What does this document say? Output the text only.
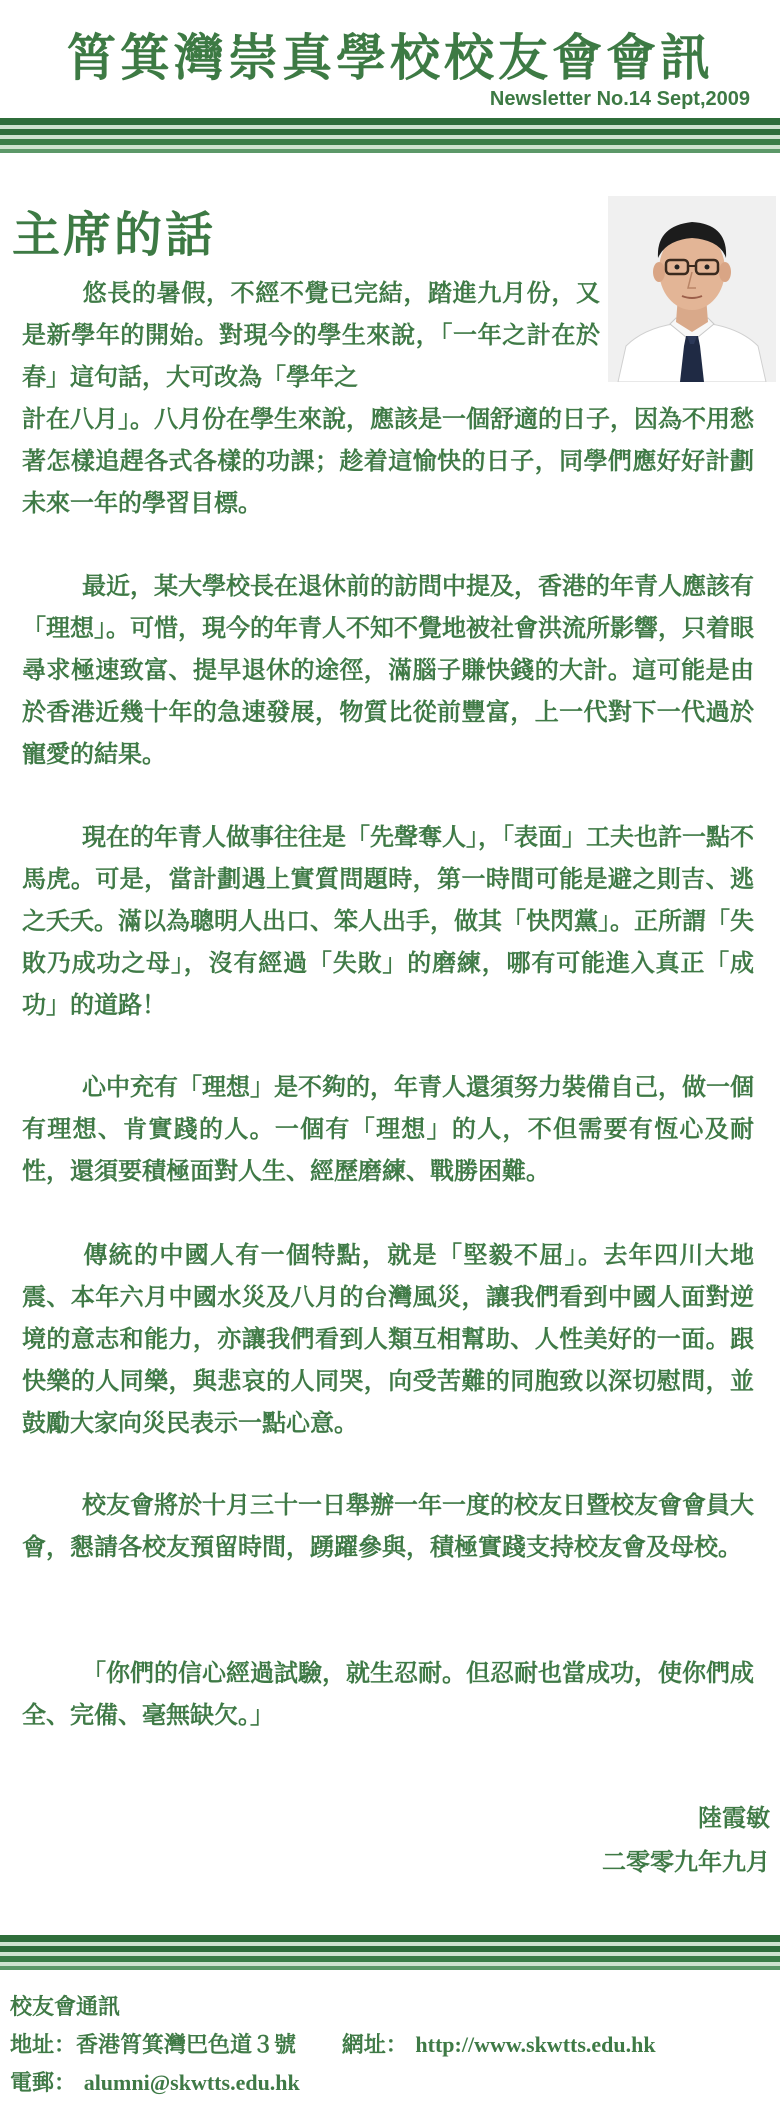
筲箕灣崇真學校校友會會訊
Newsletter No.14 Sept,2009
主席的話

悠長的暑假，不經不覺已完結，踏進九月份，又是新學年的開始。對現今的學生來說，「一年之計在於春」這句話，大可改為「學年之

計在八月」。八月份在學生來說，應該是一個舒適的日子，因為不用愁著怎樣追趕各式各樣的功課；趁着這愉快的日子，同學們應好好計劃未來一年的學習目標。

最近，某大學校長在退休前的訪問中提及，香港的年青人應該有「理想」。可惜，現今的年青人不知不覺地被社會洪流所影響，只着眼尋求極速致富、提早退休的途徑，滿腦子賺快錢的大計。這可能是由於香港近幾十年的急速發展，物質比從前豐富，上一代對下一代過於寵愛的結果。

現在的年青人做事往往是「先聲奪人」，「表面」工夫也許一點不馬虎。可是，當計劃遇上實質問題時，第一時間可能是避之則吉、逃之夭夭。滿以為聰明人出口、笨人出手，做其「快閃黨」。正所謂「失敗乃成功之母」，沒有經過「失敗」的磨練，哪有可能進入真正「成功」的道路！

心中充有「理想」是不夠的，年青人還須努力裝備自己，做一個有理想、肯實踐的人。一個有「理想」的人，不但需要有恆心及耐性，還須要積極面對人生、經歷磨練、戰勝困難。

傳統的中國人有一個特點，就是「堅毅不屈」。去年四川大地震、本年六月中國水災及八月的台灣風災，讓我們看到中國人面對逆境的意志和能力，亦讓我們看到人類互相幫助、人性美好的一面。跟快樂的人同樂，與悲哀的人同哭，向受苦難的同胞致以深切慰問，並鼓勵大家向災民表示一點心意。

校友會將於十月三十一日舉辦一年一度的校友日暨校友會會員大會，懇請各校友預留時間，踴躍參與，積極實踐支持校友會及母校。

「你們的信心經過試驗，就生忍耐。但忍耐也當成功，使你們成全、完備、毫無缺欠。」

陸霞敏
二零零九年九月
校友會通訊
地址：香港筲箕灣巴色道３號 網址： http://www.skwtts.edu.hk
電郵： alumni@skwtts.edu.hk
